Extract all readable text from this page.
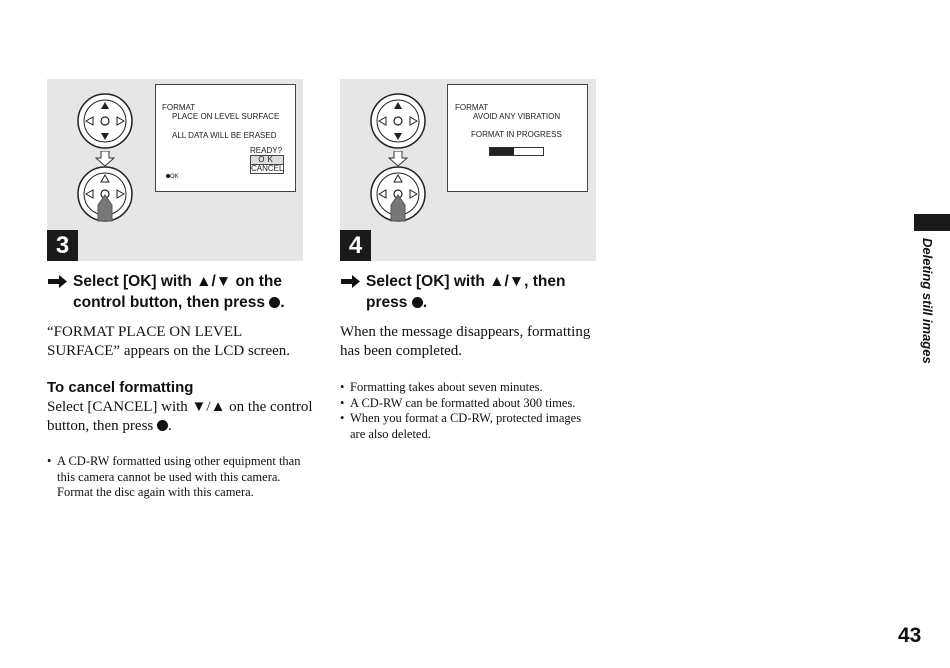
FORMAT
PLACE ON LEVEL SURFACE
ALL DATA WILL BE ERASED
READY?
OK
CANCEL
OK
3
Select [OK] with ▲/▼ on the
control button, then press .
“FORMAT PLACE ON LEVEL
SURFACE” appears on the LCD screen.
To cancel formatting
Select [CANCEL] with ▼/▲ on the control
button, then press .
• A CD-RW formatted using other equipment than this camera cannot be used with this camera. Format the disc again with this camera.
FORMAT
AVOID ANY VIBRATION
FORMAT IN PROGRESS
4
Select [OK] with ▲/▼, then
press .
When the message disappears, formatting
has been completed.
• Formatting takes about seven minutes.
• A CD-RW can be formatted about 300 times.
• When you format a CD-RW, protected images are also deleted.
Deleting still images
43
